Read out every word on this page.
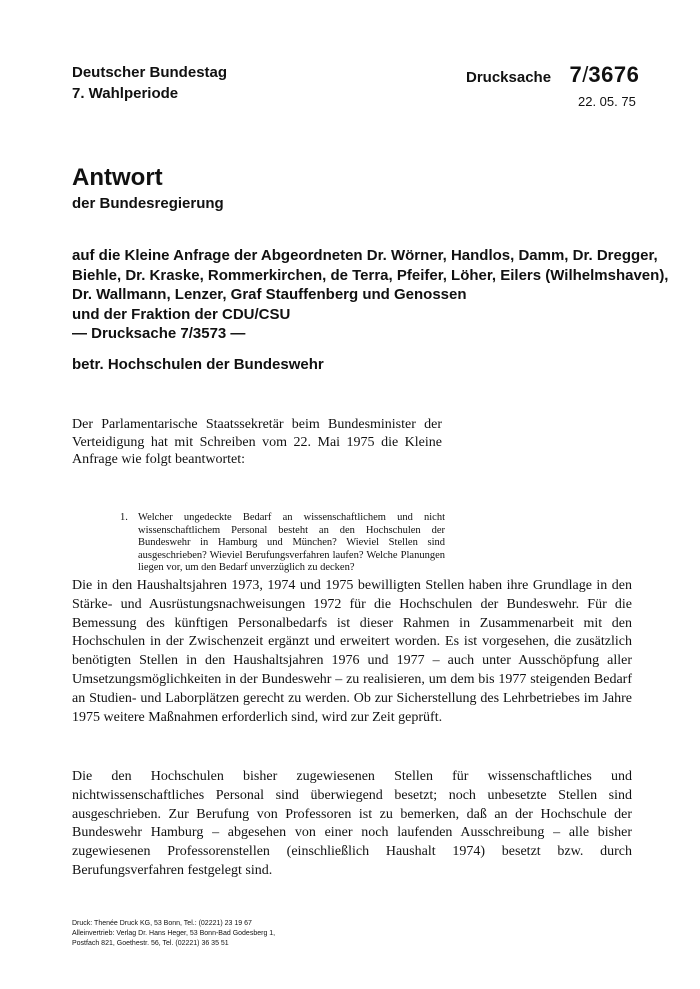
Deutscher Bundestag
7. Wahlperiode
Drucksache 7/3676
22. 05. 75
Antwort
der Bundesregierung
auf die Kleine Anfrage der Abgeordneten Dr. Wörner, Handlos, Damm, Dr. Dregger,
Biehle, Dr. Kraske, Rommerkirchen, de Terra, Pfeifer, Löher, Eilers (Wilhelmshaven),
Dr. Wallmann, Lenzer, Graf Stauffenberg und Genossen
und der Fraktion der CDU/CSU
— Drucksache 7/3573 —
betr. Hochschulen der Bundeswehr
Der Parlamentarische Staatssekretär beim Bundesminister der Verteidigung hat mit Schreiben vom 22. Mai 1975 die Kleine Anfrage wie folgt beantwortet:
1. Welcher ungedeckte Bedarf an wissenschaftlichem und nicht wissenschaftlichem Personal besteht an den Hochschulen der Bundeswehr in Hamburg und München? Wieviel Stellen sind ausgeschrieben? Wieviel Berufungsverfahren laufen? Welche Planungen liegen vor, um den Bedarf unverzüglich zu decken?
Die in den Haushaltsjahren 1973, 1974 und 1975 bewilligten Stellen haben ihre Grundlage in den Stärke- und Ausrüstungsnachweisungen 1972 für die Hochschulen der Bundeswehr. Für die Bemessung des künftigen Personalbedarfs ist dieser Rahmen in Zusammenarbeit mit den Hochschulen in der Zwischenzeit ergänzt und erweitert worden. Es ist vorgesehen, die zusätzlich benötigten Stellen in den Haushaltsjahren 1976 und 1977 – auch unter Ausschöpfung aller Umsetzungsmöglichkeiten in der Bundeswehr – zu realisieren, um dem bis 1977 steigenden Bedarf an Studien- und Laborplätzen gerecht zu werden. Ob zur Sicherstellung des Lehrbetriebes im Jahre 1975 weitere Maßnahmen erforderlich sind, wird zur Zeit geprüft.
Die den Hochschulen bisher zugewiesenen Stellen für wissenschaftliches und nichtwissenschaftliches Personal sind überwiegend besetzt; noch unbesetzte Stellen sind ausgeschrieben. Zur Berufung von Professoren ist zu bemerken, daß an der Hochschule der Bundeswehr Hamburg – abgesehen von einer noch laufenden Ausschreibung – alle bisher zugewiesenen Professorenstellen (einschließlich Haushalt 1974) besetzt bzw. durch Berufungsverfahren festgelegt sind.
Druck: Thenée Druck KG, 53 Bonn, Tel.: (02221) 23 19 67
Alleinvertrieb: Verlag Dr. Hans Heger, 53 Bonn-Bad Godesberg 1,
Postfach 821, Goethestr. 56, Tel. (02221) 36 35 51
